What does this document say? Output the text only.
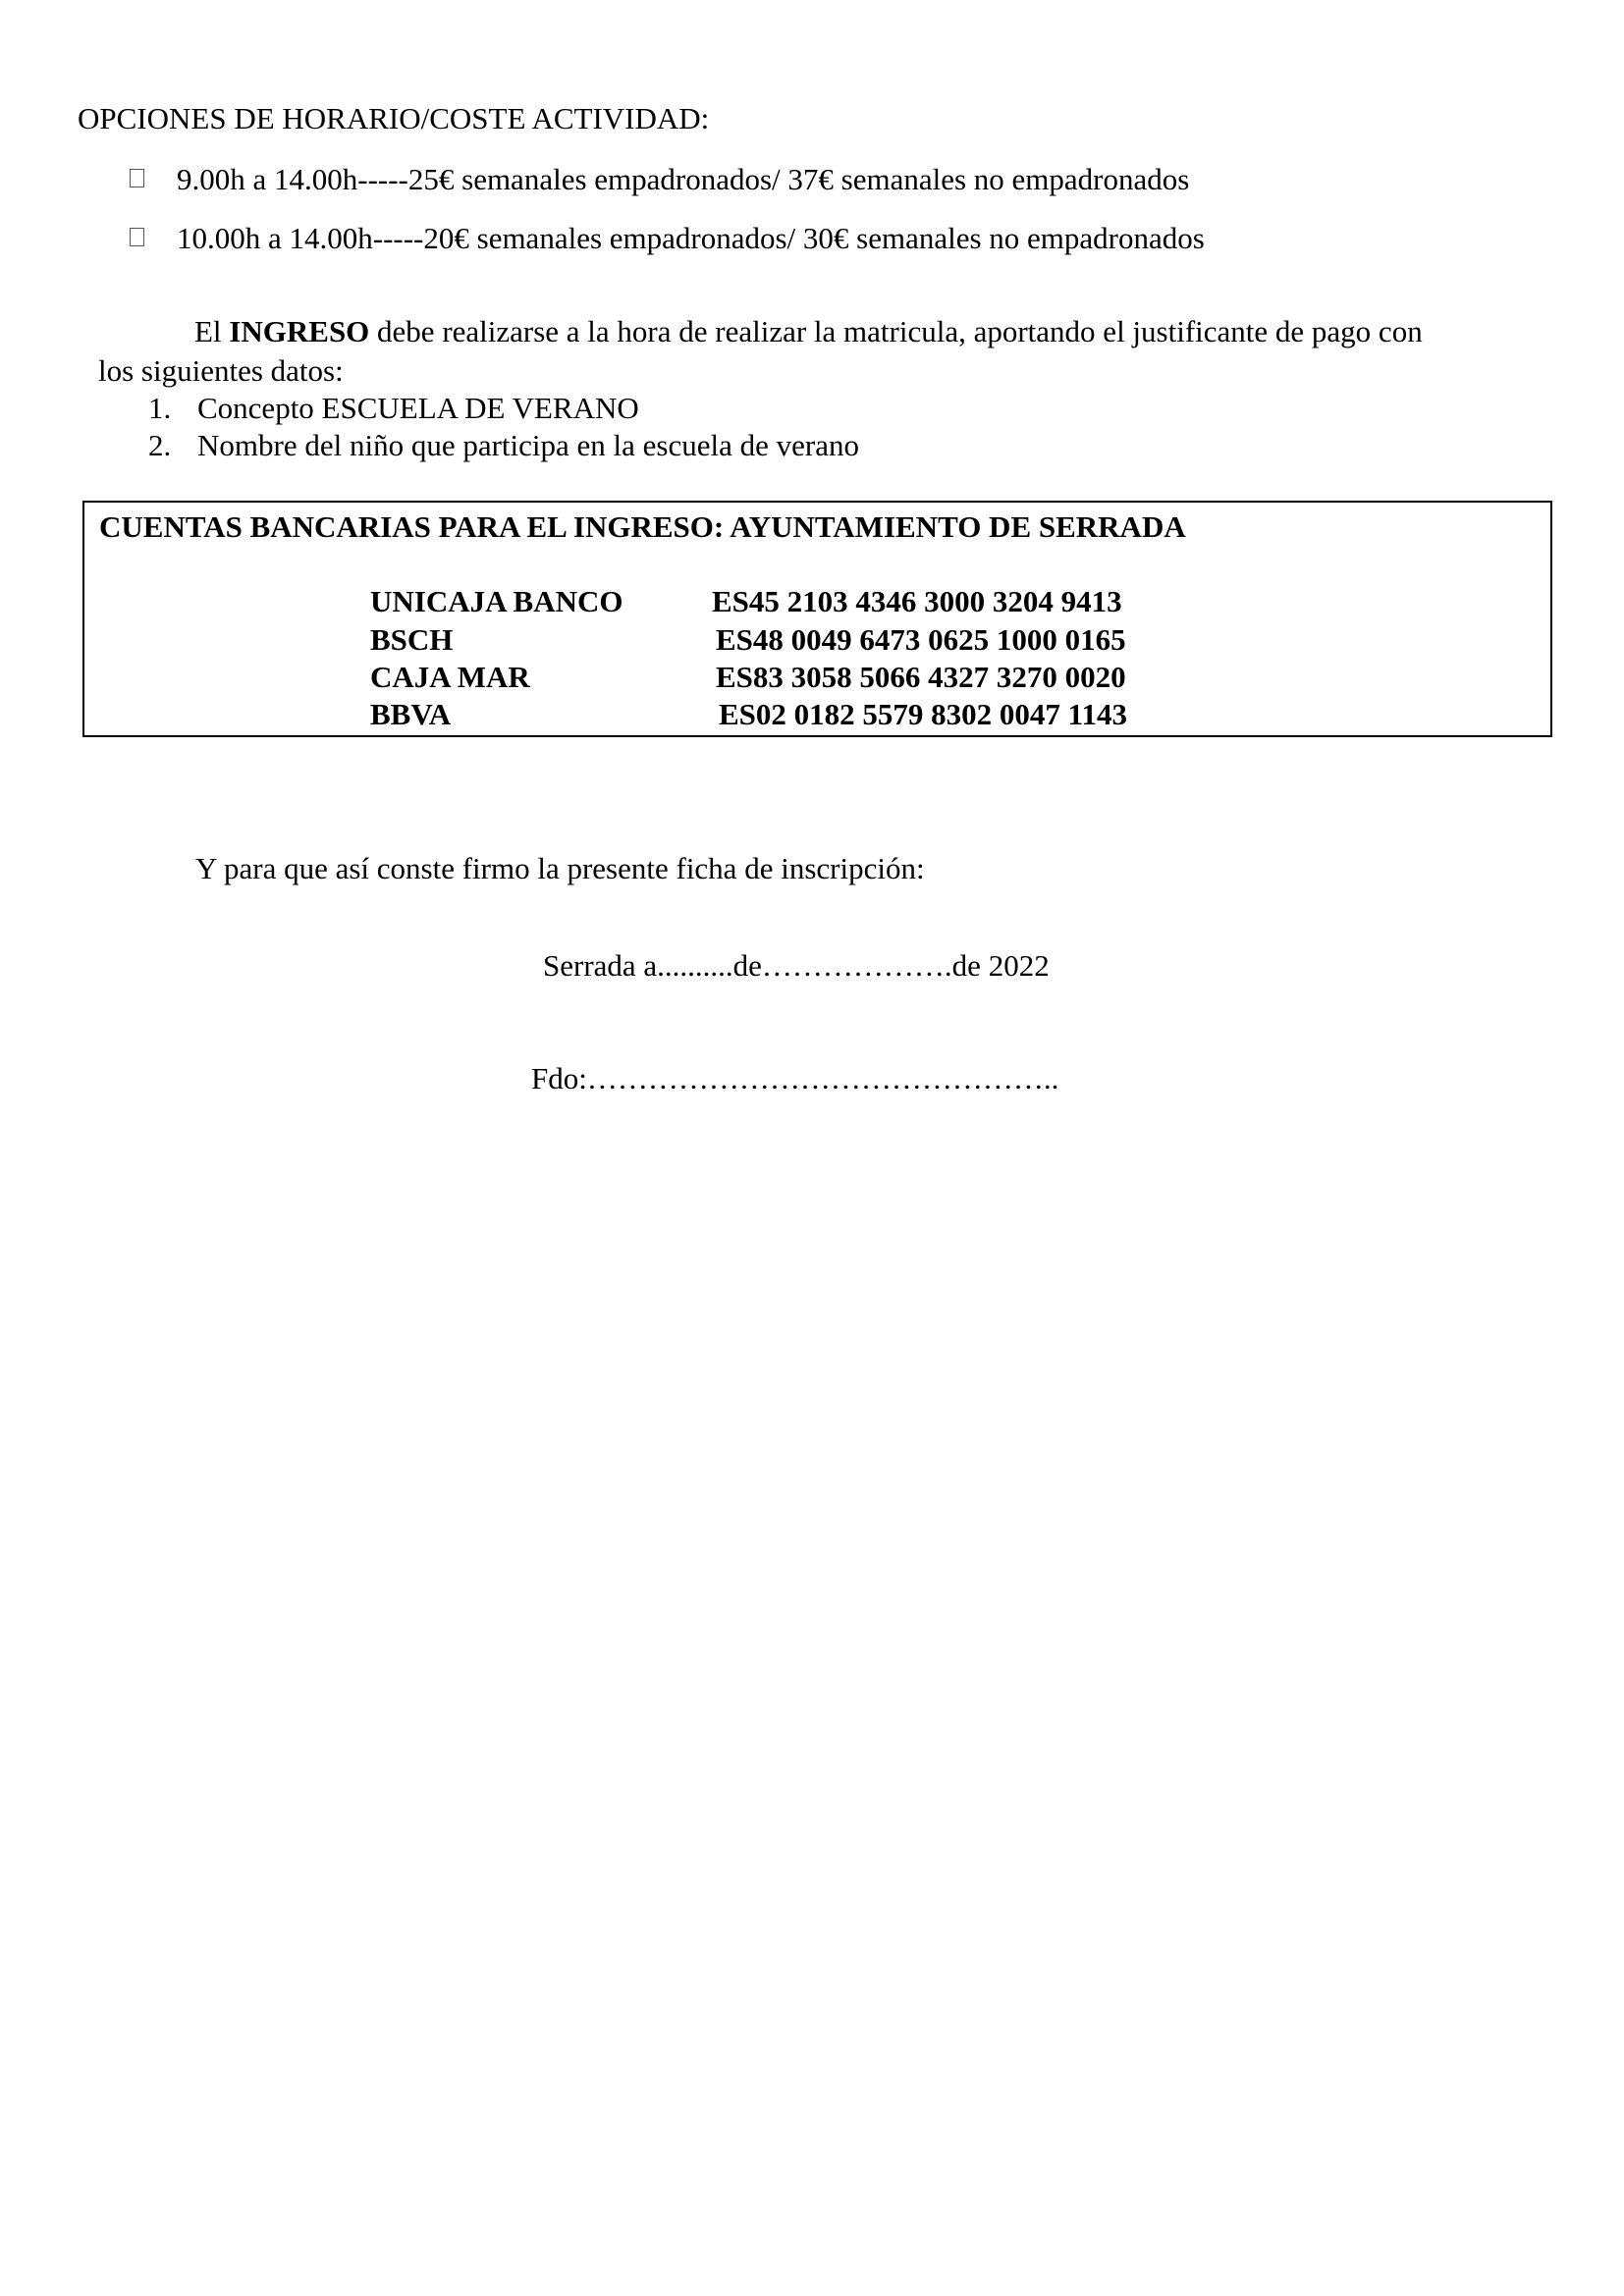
OPCIONES DE HORARIO/COSTE ACTIVIDAD:
9.00h a 14.00h-----25€ semanales empadronados/ 37€ semanales no empadronados
10.00h a 14.00h-----20€ semanales empadronados/ 30€ semanales no empadronados
El INGRESO debe realizarse a la hora de realizar la matricula, aportando el justificante de pago con
los siguientes datos:
1. Concepto ESCUELA DE VERANO
2. Nombre del niño que participa en la escuela de verano
CUENTAS BANCARIAS PARA EL INGRESO: AYUNTAMIENTO DE SERRADA
UNICAJA BANCO	ES45 2103 4346 3000 3204 9413
BSCH	ES48 0049 6473 0625 1000 0165
CAJA MAR	ES83 3058 5066 4327 3270 0020
BBVA	ES02 0182 5579 8302 0047 1143
Y para que así conste firmo la presente ficha de inscripción:
Serrada a..........de……………….de 2022
Fdo:………………………………………..
